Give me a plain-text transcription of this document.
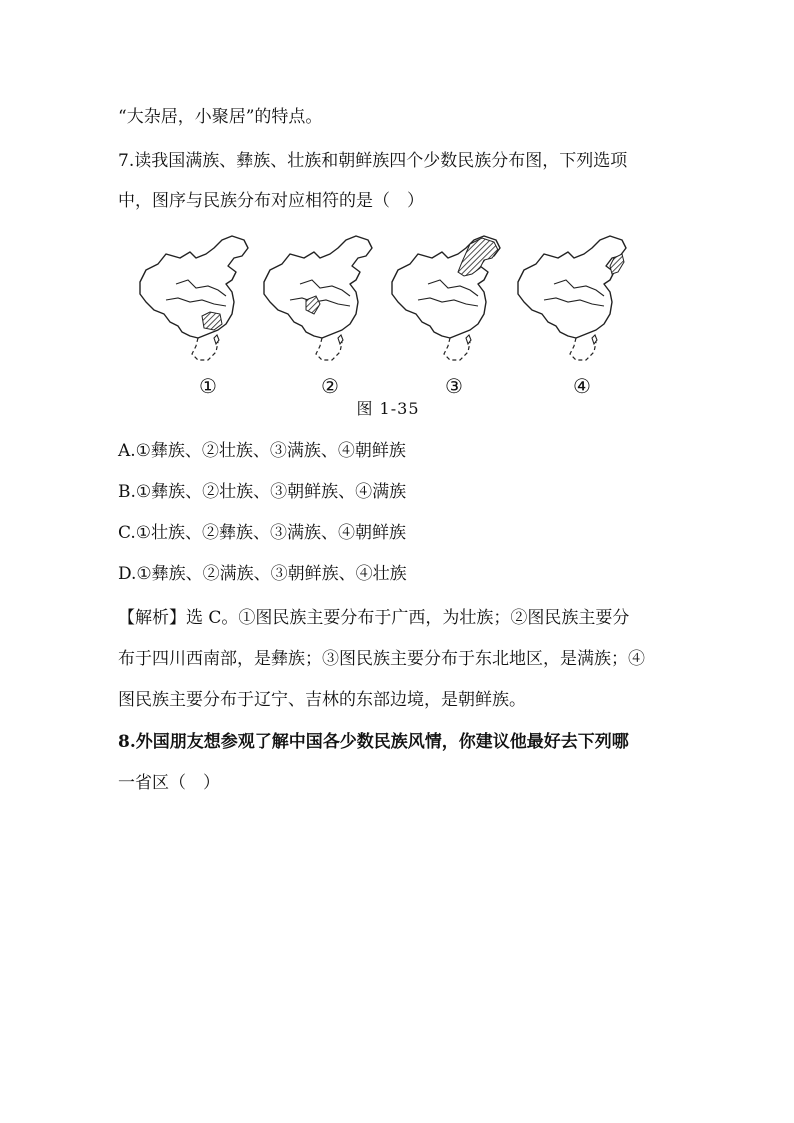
“大杂居，小聚居”的特点。
7.读我国满族、彝族、壮族和朝鲜族四个少数民族分布图，下列选项
中，图序与民族分布对应相符的是（　）
①	②	③	④
图 1-35
A.①彝族、②壮族、③满族、④朝鲜族
B.①彝族、②壮族、③朝鲜族、④满族
C.①壮族、②彝族、③满族、④朝鲜族
D.①彝族、②满族、③朝鲜族、④壮族
【解析】选 C。①图民族主要分布于广西，为壮族；②图民族主要分
布于四川西南部，是彝族；③图民族主要分布于东北地区，是满族；④
图民族主要分布于辽宁、吉林的东部边境，是朝鲜族。
8.外国朋友想参观了解中国各少数民族风情，你建议他最好去下列哪
一省区（　）
